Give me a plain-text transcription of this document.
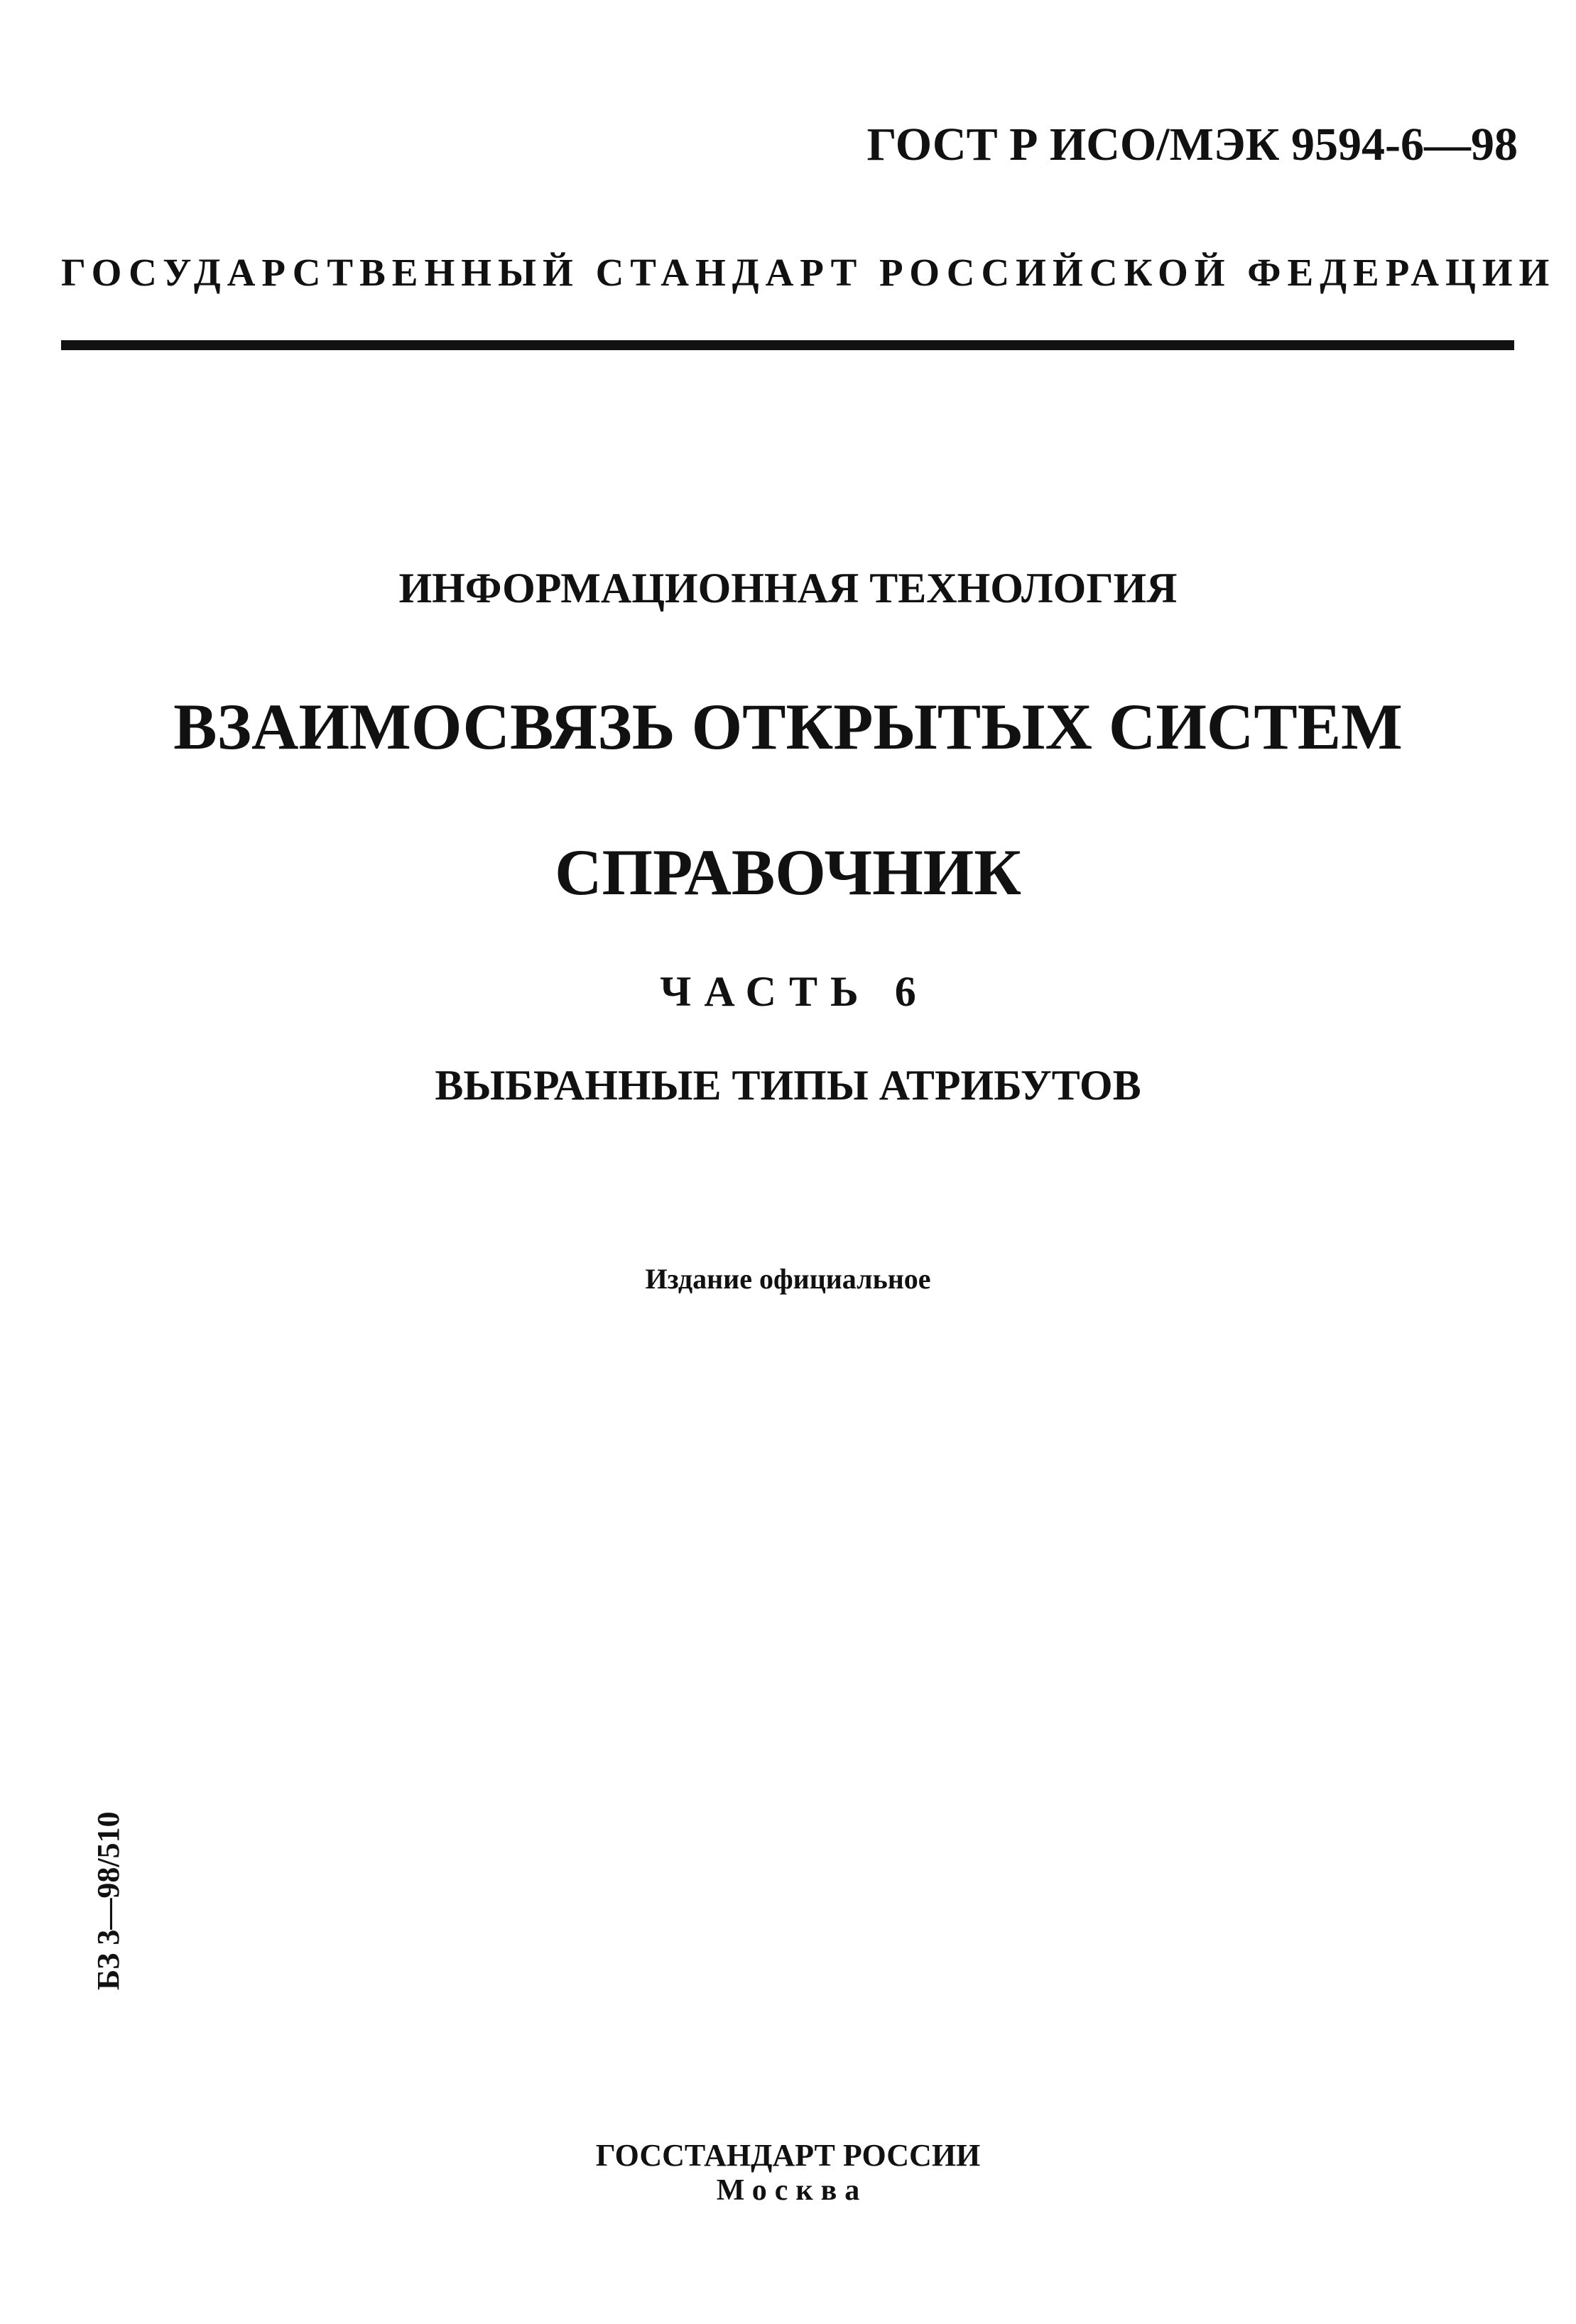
ГОСТ Р ИСО/МЭК 9594-6—98
ГОСУДАРСТВЕННЫЙ СТАНДАРТ РОССИЙСКОЙ ФЕДЕРАЦИИ
ИНФОРМАЦИОННАЯ ТЕХНОЛОГИЯ
ВЗАИМОСВЯЗЬ ОТКРЫТЫХ СИСТЕМ
СПРАВОЧНИК
ЧАСТЬ 6
ВЫБРАННЫЕ ТИПЫ АТРИБУТОВ
Издание официальное
БЗ 3—98/510
ГОССТАНДАРТ РОССИИ
Москва
